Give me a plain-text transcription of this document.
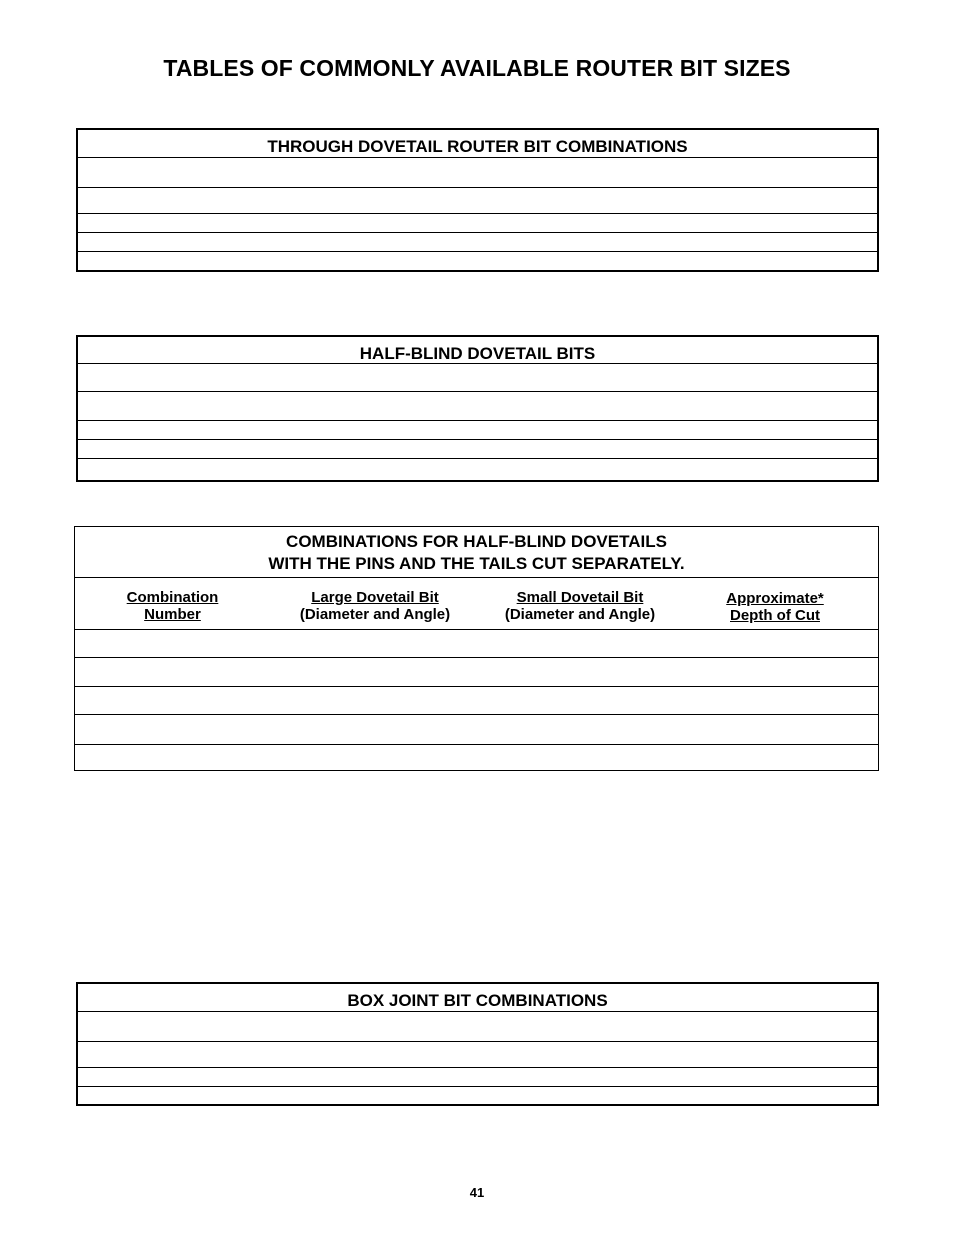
TABLES OF COMMONLY AVAILABLE ROUTER BIT SIZES
THROUGH DOVETAIL ROUTER BIT COMBINATIONS
HALF-BLIND DOVETAIL BITS
COMBINATIONS FOR HALF-BLIND DOVETAILS
WITH THE PINS AND THE TAILS CUT SEPARATELY.
Combination
Number
Large Dovetail Bit
(Diameter and Angle)
Small Dovetail Bit
(Diameter and Angle)
Approximate*
Depth of Cut
BOX JOINT BIT COMBINATIONS
41
